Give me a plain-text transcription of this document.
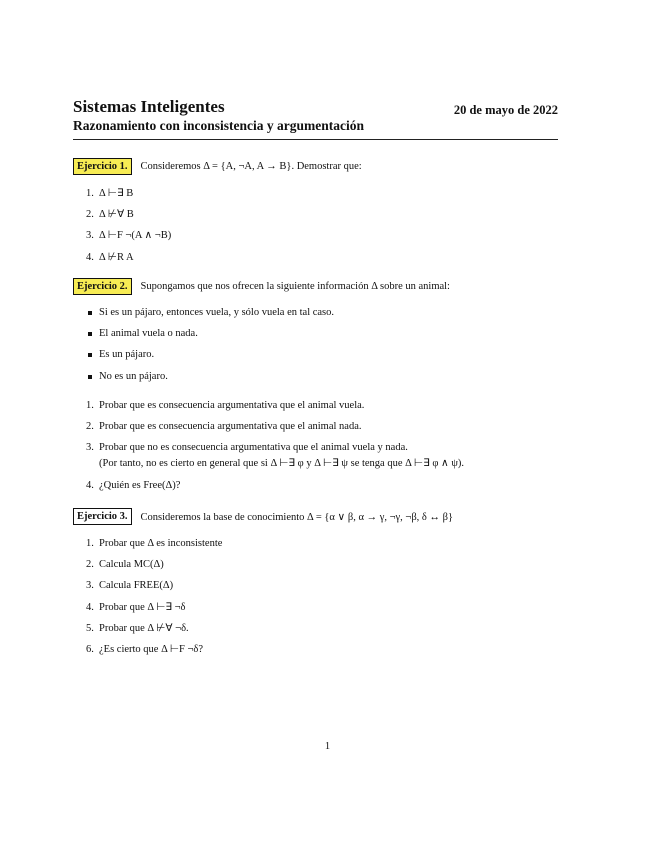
Sistemas Inteligentes	20 de mayo de 2022
Razonamiento con inconsistencia y argumentación
Ejercicio 1.	Consideremos Δ = {A, ¬A, A → B}. Demostrar que:
1. Δ ⊢∃ B
2. Δ ⊬∀ B
3. Δ ⊢F ¬(A ∧ ¬B)
4. Δ ⊬R A
Ejercicio 2.	Supongamos que nos ofrecen la siguiente información Δ sobre un animal:
Si es un pájaro, entonces vuela, y sólo vuela en tal caso.
El animal vuela o nada.
Es un pájaro.
No es un pájaro.
1. Probar que es consecuencia argumentativa que el animal vuela.
2. Probar que es consecuencia argumentativa que el animal nada.
3. Probar que no es consecuencia argumentativa que el animal vuela y nada.
(Por tanto, no es cierto en general que si Δ ⊢∃ φ y Δ ⊢∃ ψ se tenga que Δ ⊢∃ φ ∧ ψ).
4. ¿Quién es Free(Δ)?
Ejercicio 3.	Consideremos la base de conocimiento Δ = {α ∨ β, α → γ, ¬γ, ¬β, δ ↔ β}
1. Probar que Δ es inconsistente
2. Calcula MC(Δ)
3. Calcula FREE(Δ)
4. Probar que Δ ⊢∃ ¬δ
5. Probar que Δ ⊬∀ ¬δ.
6. ¿Es cierto que Δ ⊢F ¬δ?
1
